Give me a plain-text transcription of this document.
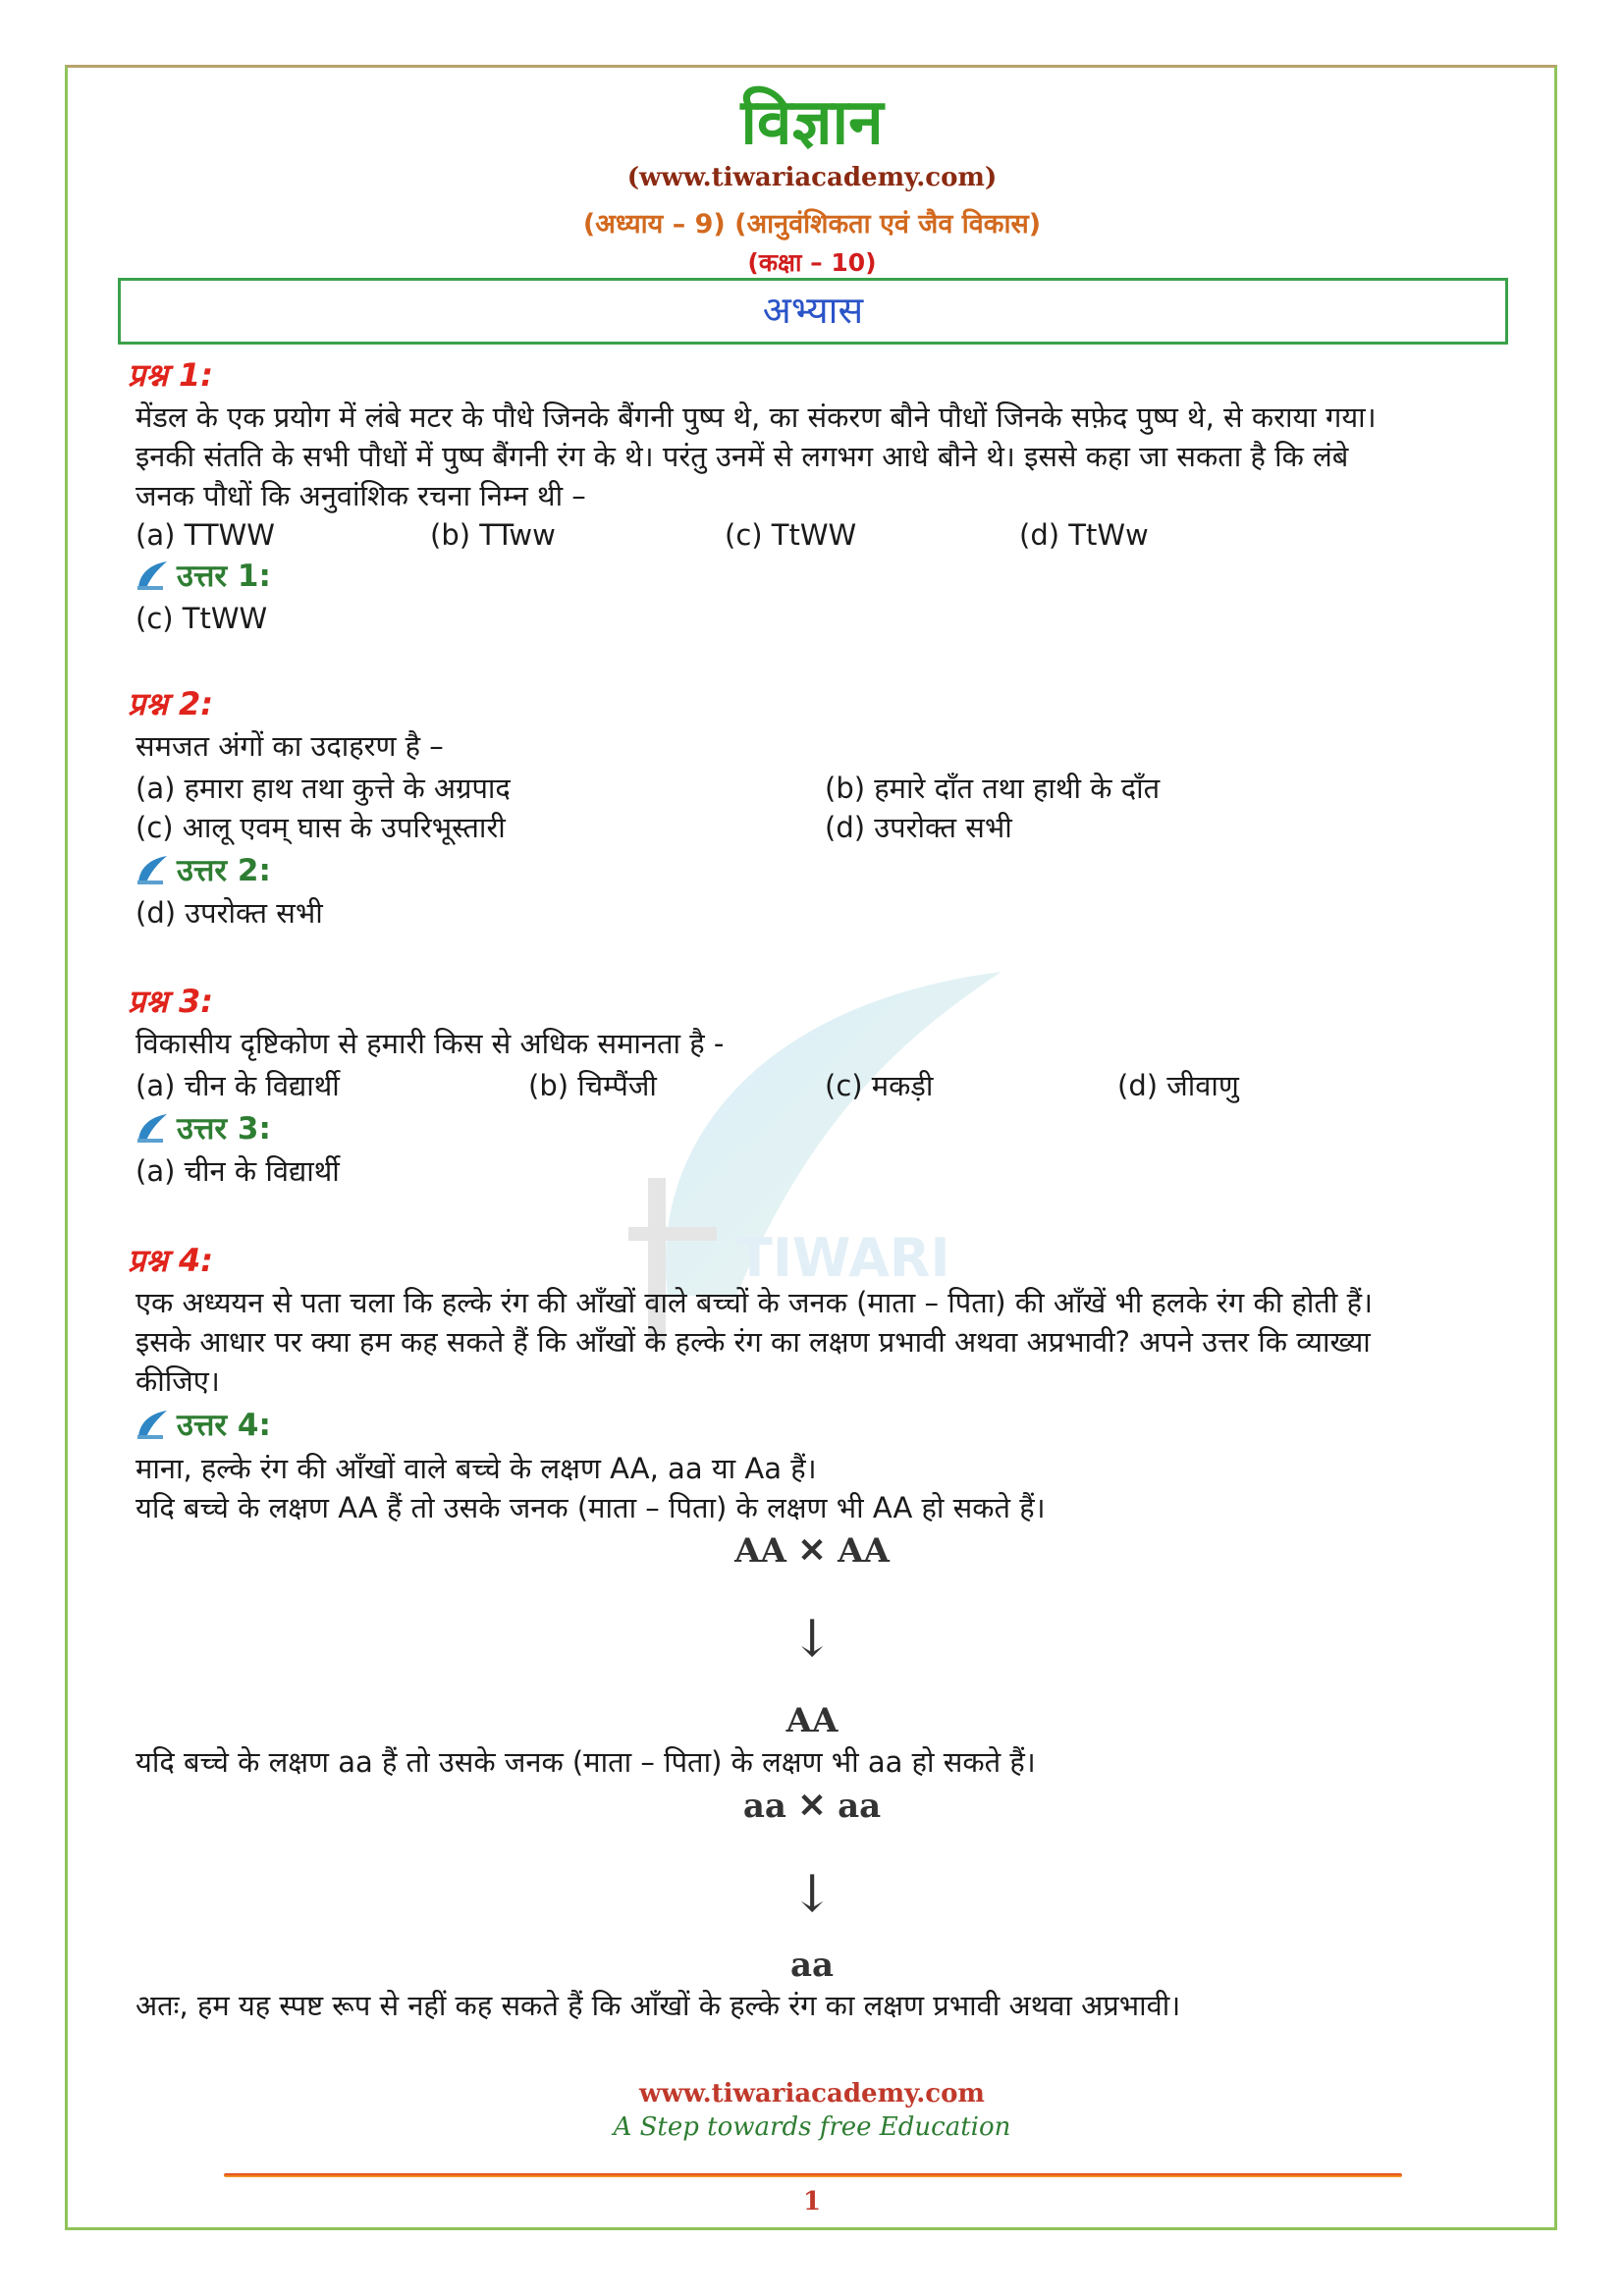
TIWARI
विज्ञान
(www.tiwariacademy.com)
(अध्याय – 9) (आनुवंशिकता एवं जैव विकास)
(कक्षा – 10)
अभ्यास
प्रश्न 1:
मेंडल के एक प्रयोग में लंबे मटर के पौधे जिनके बैंगनी पुष्प थे, का संकरण बौने पौधों जिनके सफ़ेद पुष्प थे, से कराया गया।
इनकी संतति के सभी पौधों में पुष्प बैंगनी रंग के थे। परंतु उनमें से लगभग आधे बौने थे। इससे कहा जा सकता है कि लंबे
जनक पौधों कि अनुवांशिक रचना निम्न थी –
(a) TTWW	(b) TTww	(c) TtWW	(d) TtWw
उत्तर 1:
(c) TtWW
प्रश्न 2:
समजत अंगों का उदाहरण है –
(a) हमारा हाथ तथा कुत्ते के अग्रपाद	(b) हमारे दाँत तथा हाथी के दाँत
(c) आलू एवम् घास के उपरिभूस्तारी	(d) उपरोक्त सभी
उत्तर 2:
(d) उपरोक्त सभी
प्रश्न 3:
विकासीय दृष्टिकोण से हमारी किस से अधिक समानता है -
(a) चीन के विद्यार्थी	(b) चिम्पैंजी	(c) मकड़ी	(d) जीवाणु
उत्तर 3:
(a) चीन के विद्यार्थी
प्रश्न 4:
एक अध्ययन से पता चला कि हल्के रंग की आँखों वाले बच्चों के जनक (माता – पिता) की आँखें भी हलके रंग की होती हैं।
इसके आधार पर क्या हम कह सकते हैं कि आँखों के हल्के रंग का लक्षण प्रभावी अथवा अप्रभावी? अपने उत्तर कि व्याख्या
कीजिए।
उत्तर 4:
माना, हल्के रंग की आँखों वाले बच्चे के लक्षण AA, aa या Aa हैं।
यदि बच्चे के लक्षण AA हैं तो उसके जनक (माता – पिता) के लक्षण भी AA हो सकते हैं।
AA ✕ AA
↓
AA
यदि बच्चे के लक्षण aa हैं तो उसके जनक (माता – पिता) के लक्षण भी aa हो सकते हैं।
aa ✕ aa
↓
aa
अतः, हम यह स्पष्ट रूप से नहीं कह सकते हैं कि आँखों के हल्के रंग का लक्षण प्रभावी अथवा अप्रभावी।
www.tiwariacademy.com
A Step towards free Education
1
